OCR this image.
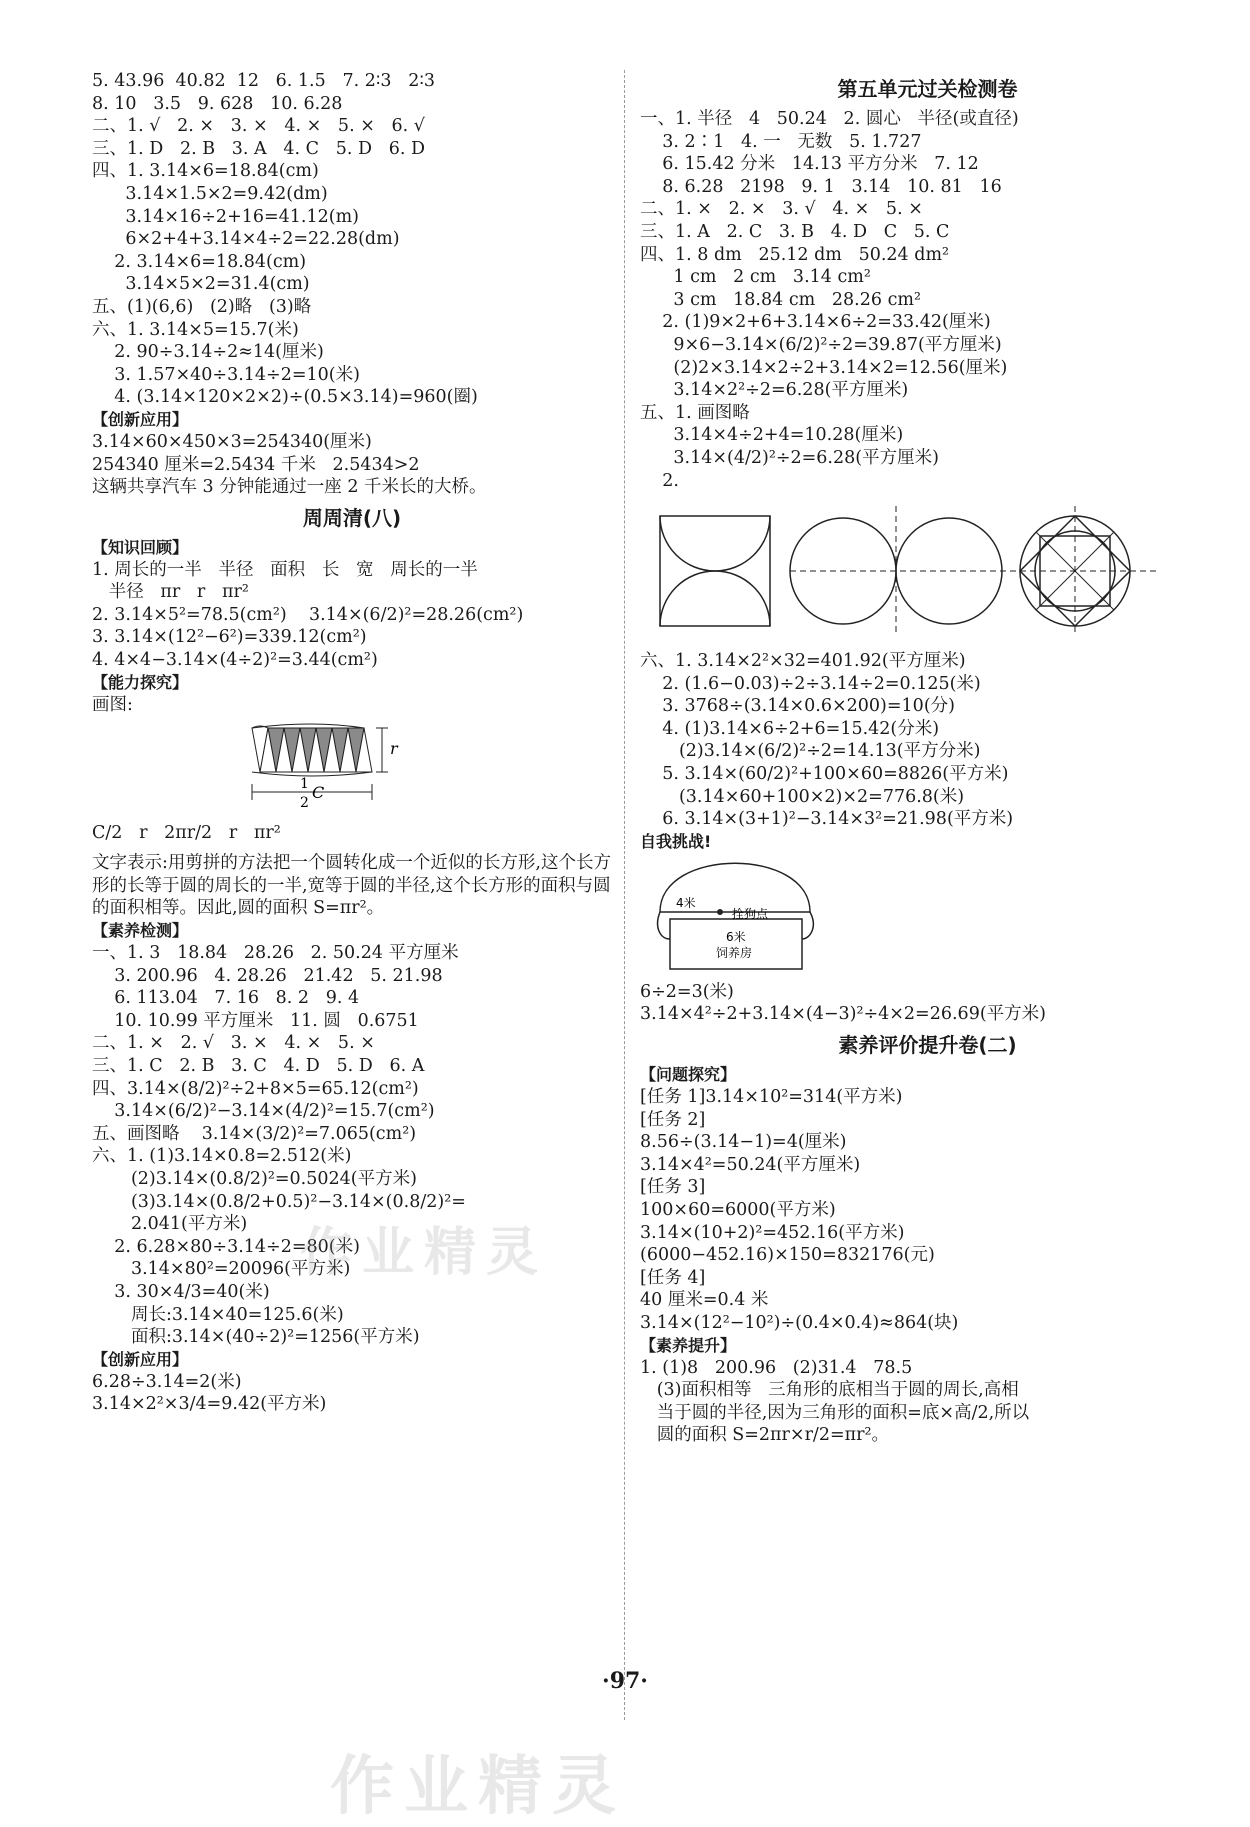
5. 43.96  40.82  12   6. 1.5   7. 2∶3   2∶3
8. 10   3.5   9. 628   10. 6.28
二、1. √   2. ×   3. ×   4. ×   5. ×   6. √
三、1. D   2. B   3. A   4. C   5. D   6. D
四、1. 3.14×6=18.84(cm)
3.14×1.5×2=9.42(dm)
3.14×16÷2+16=41.12(m)
6×2+4+3.14×4÷2=22.28(dm)
2. 3.14×6=18.84(cm)
3.14×5×2=31.4(cm)
五、(1)(6,6)   (2)略   (3)略
六、1. 3.14×5=15.7(米)
2. 90÷3.14÷2≈14(厘米)
3. 1.57×40÷3.14÷2=10(米)
4. (3.14×120×2×2)÷(0.5×3.14)=960(圈)
【创新应用】
3.14×60×450×3=254340(厘米)
254340 厘米=2.5434 千米   2.5434>2
这辆共享汽车 3 分钟能通过一座 2 千米长的大桥。
周周清(八)
【知识回顾】
1. 周长的一半   半径   面积   长   宽   周长的一半
半径   πr   r   πr²
2. 3.14×5²=78.5(cm²)    3.14×(6/2)²=28.26(cm²)
3. 3.14×(12²−6²)=339.12(cm²)
4. 4×4−3.14×(4÷2)²=3.44(cm²)
【能力探究】
画图:
r
1
2
C
C/2   r   2πr/2   r   πr²
文字表示:用剪拼的方法把一个圆转化成一个近似的长方形,这个长方形的长等于圆的周长的一半,宽等于圆的半径,这个长方形的面积与圆的面积相等。因此,圆的面积 S=πr²。
【素养检测】
一、1. 3   18.84   28.26   2. 50.24 平方厘米
3. 200.96   4. 28.26   21.42   5. 21.98
6. 113.04   7. 16   8. 2   9. 4
10. 10.99 平方厘米   11. 圆   0.6751
二、1. ×   2. √   3. ×   4. ×   5. ×
三、1. C   2. B   3. C   4. D   5. D   6. A
四、3.14×(8/2)²÷2+8×5=65.12(cm²)
3.14×(6/2)²−3.14×(4/2)²=15.7(cm²)
五、画图略    3.14×(3/2)²=7.065(cm²)
六、1. (1)3.14×0.8=2.512(米)
(2)3.14×(0.8/2)²=0.5024(平方米)
(3)3.14×(0.8/2+0.5)²−3.14×(0.8/2)²=
2.041(平方米)
2. 6.28×80÷3.14÷2=80(米)
3.14×80²=20096(平方米)
3. 30×4/3=40(米)
周长:3.14×40=125.6(米)
面积:3.14×(40÷2)²=1256(平方米)
【创新应用】
6.28÷3.14=2(米)
3.14×2²×3/4=9.42(平方米)
第五单元过关检测卷
一、1. 半径   4   50.24   2. 圆心   半径(或直径)
3. 2∶1   4. 一   无数   5. 1.727
6. 15.42 分米   14.13 平方分米   7. 12
8. 6.28   2198   9. 1   3.14   10. 81   16
二、1. ×   2. ×   3. √   4. ×   5. ×
三、1. A   2. C   3. B   4. D   C   5. C
四、1. 8 dm   25.12 dm   50.24 dm²
1 cm   2 cm   3.14 cm²
3 cm   18.84 cm   28.26 cm²
2. (1)9×2+6+3.14×6÷2=33.42(厘米)
9×6−3.14×(6/2)²÷2=39.87(平方厘米)
(2)2×3.14×2÷2+3.14×2=12.56(厘米)
3.14×2²÷2=6.28(平方厘米)
五、1. 画图略
3.14×4÷2+4=10.28(厘米)
3.14×(4/2)²÷2=6.28(平方厘米)
2.
六、1. 3.14×2²×32=401.92(平方厘米)
2. (1.6−0.03)÷2÷3.14÷2=0.125(米)
3. 3768÷(3.14×0.6×200)=10(分)
4. (1)3.14×6÷2+6=15.42(分米)
(2)3.14×(6/2)²÷2=14.13(平方分米)
5. 3.14×(60/2)²+100×60=8826(平方米)
(3.14×60+100×2)×2=776.8(米)
6. 3.14×(3+1)²−3.14×3²=21.98(平方米)
自我挑战!
4米
拴狗点
6米
饲养房
6÷2=3(米)
3.14×4²÷2+3.14×(4−3)²÷4×2=26.69(平方米)
素养评价提升卷(二)
【问题探究】
[任务 1]3.14×10²=314(平方米)
[任务 2]
8.56÷(3.14−1)=4(厘米)
3.14×4²=50.24(平方厘米)
[任务 3]
100×60=6000(平方米)
3.14×(10+2)²=452.16(平方米)
(6000−452.16)×150=832176(元)
[任务 4]
40 厘米=0.4 米
3.14×(12²−10²)÷(0.4×0.4)≈864(块)
【素养提升】
1. (1)8   200.96   (2)31.4   78.5
(3)面积相等   三角形的底相当于圆的周长,高相
当于圆的半径,因为三角形的面积=底×高/2,所以
圆的面积 S=2πr×r/2=πr²。
·97·
作业精灵
作业精灵
